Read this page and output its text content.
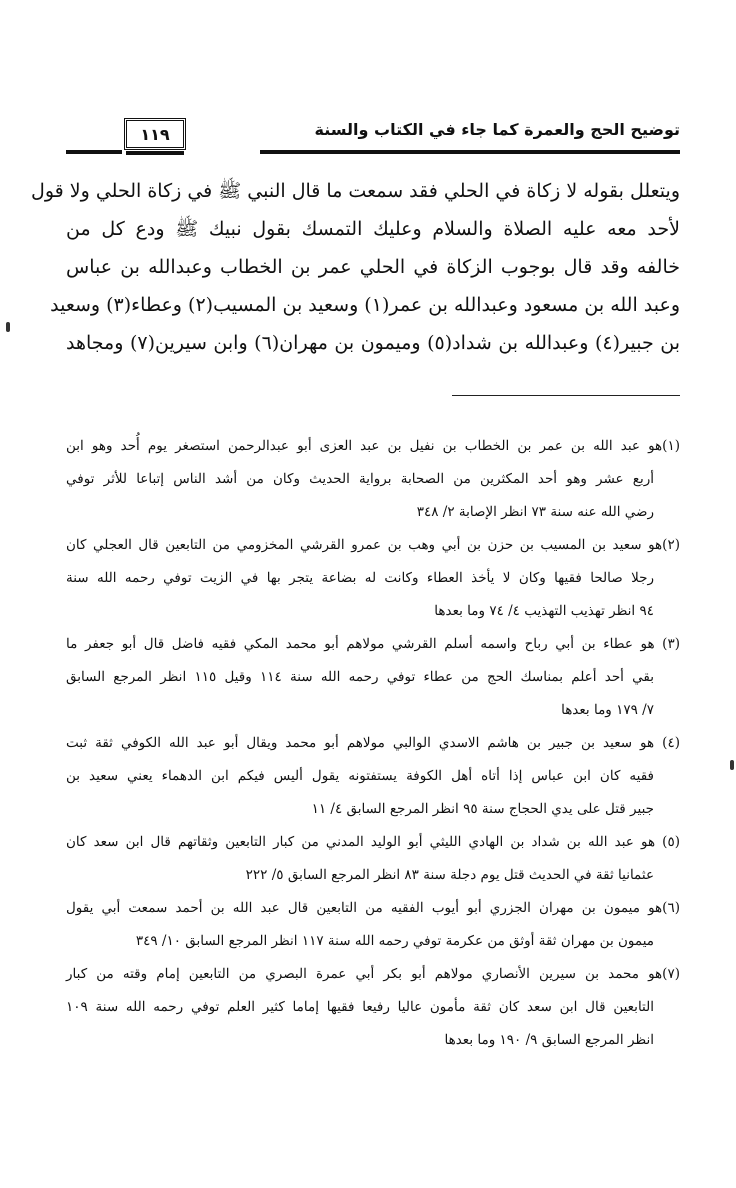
توضيح الحج والعمرة كما جاء في الكتاب والسنة
١١٩
ويتعلل بقوله لا زكاة في الحلي فقد سمعت ما قال النبي ﷺ في زكاة الحلي ولا قول
لأحد معه عليه الصلاة والسلام وعليك التمسك بقول نبيك ﷺ ودع كل من
خالفه وقد قال بوجوب الزكاة في الحلي عمر بن الخطاب وعبدالله بن عباس
وعبد الله بن مسعود وعبدالله بن عمر(١) وسعيد بن المسيب(٢) وعطاء(٣) وسعيد
بن جبير(٤) وعبدالله بن شداد(٥) وميمون بن مهران(٦) وابن سيرين(٧) ومجاهد
(١)هو عبد الله بن عمر بن الخطاب بن نفيل بن عبد العزى أبو عبدالرحمن استصغر يوم أُحد وهو ابن
أربع عشر وهو أحد المكثرين من الصحابة برواية الحديث وكان من أشد الناس إتباعا للأثر توفي
رضي الله عنه سنة ٧٣ انظر الإصابة ٢/ ٣٤٨
(٢)هو سعيد بن المسيب بن حزن بن أبي وهب بن عمرو القرشي المخزومي من التابعين قال العجلي كان
رجلا صالحا فقيها وكان لا يأخذ العطاء وكانت له بضاعة يتجر بها في الزيت توفي رحمه الله سنة
٩٤ انظر تهذيب التهذيب ٤/ ٧٤ وما بعدها
(٣) هو عطاء بن أبي رباح واسمه أسلم القرشي مولاهم أبو محمد المكي فقيه فاضل قال أبو جعفر ما
بقي أحد أعلم بمناسك الحج من عطاء توفي رحمه الله سنة ١١٤ وقيل ١١٥ انظر المرجع السابق
٧/ ١٧٩ وما بعدها
(٤) هو سعيد بن جبير بن هاشم الاسدي الوالبي مولاهم أبو محمد ويقال أبو عبد الله الكوفي ثقة ثبت
فقيه كان ابن عباس إذا أتاه أهل الكوفة يستفتونه يقول أليس فيكم ابن الدهماء يعني سعيد بن
جبير قتل على يدي الحجاج سنة ٩٥ انظر المرجع السابق ٤/ ١١
(٥) هو عبد الله بن شداد بن الهادي الليثي أبو الوليد المدني من كبار التابعين وثقاتهم قال ابن سعد كان
عثمانيا ثقة في الحديث قتل يوم دجلة سنة ٨٣ انظر المرجع السابق ٥/ ٢٢٢
(٦)هو ميمون بن مهران الجزري أبو أيوب الفقيه من التابعين قال عبد الله بن أحمد سمعت أبي يقول
ميمون بن مهران ثقة أوثق من عكرمة توفي رحمه الله سنة ١١٧ انظر المرجع السابق ١٠/ ٣٤٩
(٧)هو محمد بن سيرين الأنصاري مولاهم أبو بكر أبي عمرة البصري من التابعين إمام وقته من كبار
التابعين قال ابن سعد كان ثقة مأمون عاليا رفيعا فقيها إماما كثير العلم توفي رحمه الله سنة ١٠٩
انظر المرجع السابق ٩/ ١٩٠ وما بعدها
